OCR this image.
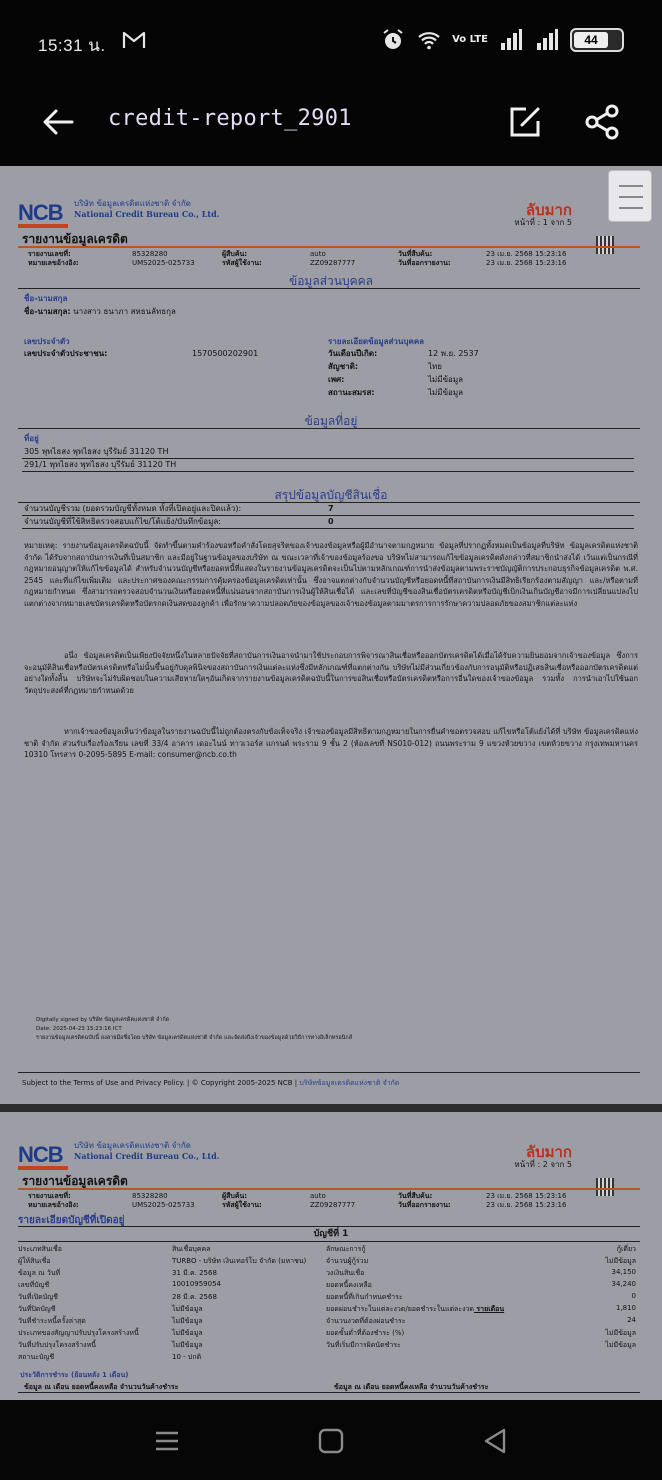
15:31 น.	Vo LTE	44
credit-report_2901
NCB	บริษัท ข้อมูลเครดิตแห่งชาติ จำกัด
National Credit Bureau Co., Ltd.	ลับมาก
หน้าที่ : 1 จาก 5
รายงานข้อมูลเครดิต
รายงานเลขที่:	85328280
หมายเลขอ้างอิง:	UMS2025-025733
ผู้สืบค้น:	auto
รหัสผู้ใช้งาน:	ZZ09287777
วันที่สืบค้น:	23 เม.ย. 2568 15:23:16
วันที่ออกรายงาน:	23 เม.ย. 2568 15:23:16
ข้อมูลส่วนบุคคล
ชื่อ-นามสกุล
ชื่อ-นามสกุล: นางสาว ธนาภา สหธนลัทธกุล
เลขประจำตัว
เลขประจำตัวประชาชน:	1570500202901
รายละเอียดข้อมูลส่วนบุคคล
วันเดือนปีเกิด:	12 พ.ย. 2537
สัญชาติ:	ไทย
เพศ:	ไม่มีข้อมูล
สถานะสมรส:	ไม่มีข้อมูล
ข้อมูลที่อยู่
ที่อยู่
305 พุทไธสง พุทไธสง บุรีรัมย์ 31120 TH
291/1 พุทไธสง พุทไธสง บุรีรัมย์ 31120 TH
สรุปข้อมูลบัญชีสินเชื่อ
จำนวนบัญชีรวม (ยอดรวมบัญชีทั้งหมด ทั้งที่เปิดอยู่และปิดแล้ว):	7
จำนวนบัญชีที่ใช้สิทธิตรวจสอบแก้ไข/โต้แย้ง/บันทึกข้อมูล:	0
หมายเหตุ: รายงานข้อมูลเครดิตฉบับนี้ จัดทำขึ้นตามคำร้องขอหรือคำสั่งโดยสุจริตของเจ้าของข้อมูลหรือผู้มีอำนาจตามกฎหมาย ข้อมูลที่ปรากฏทั้งหมดเป็นข้อมูลที่บริษัท ข้อมูลเครดิตแห่งชาติ จำกัด ได้รับจากสถาบันการเงินที่เป็นสมาชิก และมีอยู่ในฐานข้อมูลของบริษัท ณ ขณะเวลาที่เจ้าของข้อมูลร้องขอ บริษัทไม่สามารถแก้ไขข้อมูลเครดิตดังกล่าวที่สมาชิกนำส่งได้ เว้นแต่เป็นกรณีที่กฎหมายอนุญาตให้แก้ไขข้อมูลได้ สำหรับจำนวนบัญชีหรือยอดหนี้ที่แสดงในรายงานข้อมูลเครดิตจะเป็นไปตามหลักเกณฑ์การนำส่งข้อมูลตามพระราชบัญญัติการประกอบธุรกิจข้อมูลเครดิต พ.ศ. 2545 และที่แก้ไขเพิ่มเติม และประกาศของคณะกรรมการคุ้มครองข้อมูลเครดิตเท่านั้น ซึ่งอาจแตกต่างกับจำนวนบัญชีหรือยอดหนี้ที่สถาบันการเงินมีสิทธิเรียกร้องตามสัญญา และ/หรือตามที่กฎหมายกำหนด ซึ่งสามารถตรวจสอบจำนวนเงินหรือยอดหนี้ที่แน่นอนจากสถาบันการเงินผู้ให้สินเชื่อได้ และเลขที่บัญชีของสินเชื่อบัตรเครดิตหรือบัญชีเบิกเงินเกินบัญชีอาจมีการเปลี่ยนแปลงไปแตกต่างจากหมายเลขบัตรเครดิตหรือบัตรกดเงินสดของลูกค้า เพื่อรักษาความปลอดภัยของข้อมูลของเจ้าของข้อมูลตามมาตรการการรักษาความปลอดภัยของสมาชิกแต่ละแห่ง
อนึ่ง ข้อมูลเครดิตเป็นเพียงปัจจัยหนึ่งในหลายปัจจัยที่สถาบันการเงินอาจนำมาใช้ประกอบการพิจารณาสินเชื่อหรือออกบัตรเครดิตได้เมื่อได้รับความยินยอมจากเจ้าของข้อมูล ซึ่งการจะอนุมัติสินเชื่อหรือบัตรเครดิตหรือไม่นั้นขึ้นอยู่กับดุลพินิจของสถาบันการเงินแต่ละแห่งซึ่งมีหลักเกณฑ์ที่แตกต่างกัน บริษัทไม่มีส่วนเกี่ยวข้องกับการอนุมัติหรือปฏิเสธสินเชื่อหรือออกบัตรเครดิตแต่อย่างใดทั้งสิ้น บริษัทจะไม่รับผิดชอบในความเสียหายใดๆอันเกิดจากรายงานข้อมูลเครดิตฉบับนี้ในการขอสินเชื่อหรือบัตรเครดิตหรือการอื่นใดของเจ้าของข้อมูล รวมทั้ง การนำเอาไปใช้นอกวัตถุประสงค์ที่กฎหมายกำหนดด้วย
หากเจ้าของข้อมูลเห็นว่าข้อมูลในรายงานฉบับนี้ไม่ถูกต้องตรงกับข้อเท็จจริง เจ้าของข้อมูลมีสิทธิตามกฎหมายในการยื่นคำขอตรวจสอบ แก้ไขหรือโต้แย้งได้ที่ บริษัท ข้อมูลเครดิตแห่งชาติ จำกัด ส่วนรับเรื่องร้องเรียน เลขที่ 33/4 อาคาร เดอะไนน์ ทาวเวอร์ส แกรนด์ พระราม 9 ชั้น 2 (ห้องเลขที่ NS010-012) ถนนพระราม 9 แขวงห้วยขวาง เขตห้วยขวาง กรุงเทพมหานคร 10310 โทรสาร 0-2095-5895 E-mail: consumer@ncb.co.th
Digitally signed by บริษัท ข้อมูลเครดิตแห่งชาติ จำกัด
Date: 2025-04-23 15:23:16 ICT
รายงานข้อมูลเครดิตฉบับนี้ ลงลายมือชื่อโดย บริษัท ข้อมูลเครดิตแห่งชาติ จำกัด และจัดส่งถึงเจ้าของข้อมูลด้วยวิธีการทางอิเล็กทรอนิกส์
Subject to the Terms of Use and Privacy Policy. | © Copyright 2005-2025 NCB | บริษัทข้อมูลเครดิตแห่งชาติ จำกัด
NCB	บริษัท ข้อมูลเครดิตแห่งชาติ จำกัด
National Credit Bureau Co., Ltd.	ลับมาก
หน้าที่ : 2 จาก 5
รายงานข้อมูลเครดิต
รายงานเลขที่:	85328280
หมายเลขอ้างอิง:	UMS2025-025733
ผู้สืบค้น:	auto
รหัสผู้ใช้งาน:	ZZ09287777
วันที่สืบค้น:	23 เม.ย. 2568 15:23:16
วันที่ออกรายงาน:	23 เม.ย. 2568 15:23:16
รายละเอียดบัญชีที่เปิดอยู่
บัญชีที่ 1
ประเภทสินเชื่อ	สินเชื่อบุคคล
ผู้ให้สินเชื่อ	TURBO - บริษัท เงินเทอร์โบ จำกัด (มหาชน)
ข้อมูล ณ วันที่	31 มี.ค. 2568
เลขที่บัญชี	10010959054
วันที่เปิดบัญชี	28 มี.ค. 2568
วันที่ปิดบัญชี	ไม่มีข้อมูล
วันที่ชำระหนี้ครั้งล่าสุด	ไม่มีข้อมูล
ประเภทของสัญญาปรับปรุงโครงสร้างหนี้	ไม่มีข้อมูล
วันที่ปรับปรุงโครงสร้างหนี้	ไม่มีข้อมูล
สถานะบัญชี	10 - ปกติ
ลักษณะการกู้	กู้เดี่ยว
จำนวนผู้กู้ร่วม	ไม่มีข้อมูล
วงเงินสินเชื่อ	34,150
ยอดหนี้คงเหลือ	34,240
ยอดหนี้ที่เกินกำหนดชำระ	0
ยอดผ่อนชำระในแต่ละงวด/ยอดชำระในแต่ละงวด รายเดือน	1,810
จำนวนงวดที่ต้องผ่อนชำระ	24
ยอดขั้นต่ำที่ต้องชำระ (%)	ไม่มีข้อมูล
วันที่เริ่มมีการผิดนัดชำระ	ไม่มีข้อมูล
ประวัติการชำระ (ย้อนหลัง 1 เดือน)
ข้อมูล ณ เดือน ยอดหนี้คงเหลือ จำนวนวันค้างชำระ	ข้อมูล ณ เดือน ยอดหนี้คงเหลือ จำนวนวันค้างชำระ
